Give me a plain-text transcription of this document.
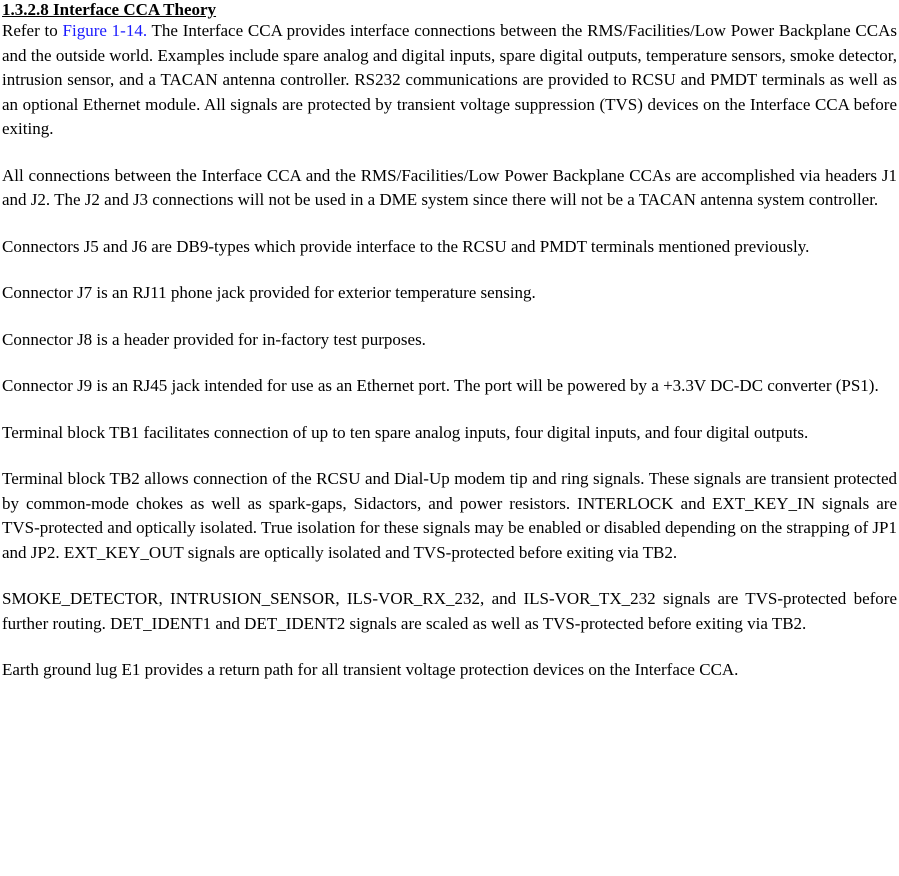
1.3.2.8 Interface CCA Theory

Refer to Figure 1-14. The Interface CCA provides interface connections between the RMS/Facilities/Low Power Backplane CCAs and the outside world. Examples include spare analog and digital inputs, spare digital outputs, temperature sensors, smoke detector, intrusion sensor, and a TACAN antenna controller. RS232 communications are provided to RCSU and PMDT terminals as well as an optional Ethernet module. All signals are protected by transient voltage suppression (TVS) devices on the Interface CCA before exiting.

All connections between the Interface CCA and the RMS/Facilities/Low Power Backplane CCAs are accomplished via headers J1 and J2. The J2 and J3 connections will not be used in a DME system since there will not be a TACAN antenna system controller.

Connectors J5 and J6 are DB9-types which provide interface to the RCSU and PMDT terminals mentioned previously.

Connector J7 is an RJ11 phone jack provided for exterior temperature sensing.

Connector J8 is a header provided for in-factory test purposes.

Connector J9 is an RJ45 jack intended for use as an Ethernet port. The port will be powered by a +3.3V DC-DC converter (PS1).

Terminal block TB1 facilitates connection of up to ten spare analog inputs, four digital inputs, and four digital outputs.

Terminal block TB2 allows connection of the RCSU and Dial-Up modem tip and ring signals. These signals are transient protected by common-mode chokes as well as spark-gaps, Sidactors, and power resistors. INTERLOCK and EXT_KEY_IN signals are TVS-protected and optically isolated. True isolation for these signals may be enabled or disabled depending on the strapping of JP1 and JP2. EXT_KEY_OUT signals are optically isolated and TVS-protected before exiting via TB2.

SMOKE_DETECTOR, INTRUSION_SENSOR, ILS-VOR_RX_232, and ILS-VOR_TX_232 signals are TVS-protected before further routing. DET_IDENT1 and DET_IDENT2 signals are scaled as well as TVS-protected before exiting via TB2.

Earth ground lug E1 provides a return path for all transient voltage protection devices on the Interface CCA.
